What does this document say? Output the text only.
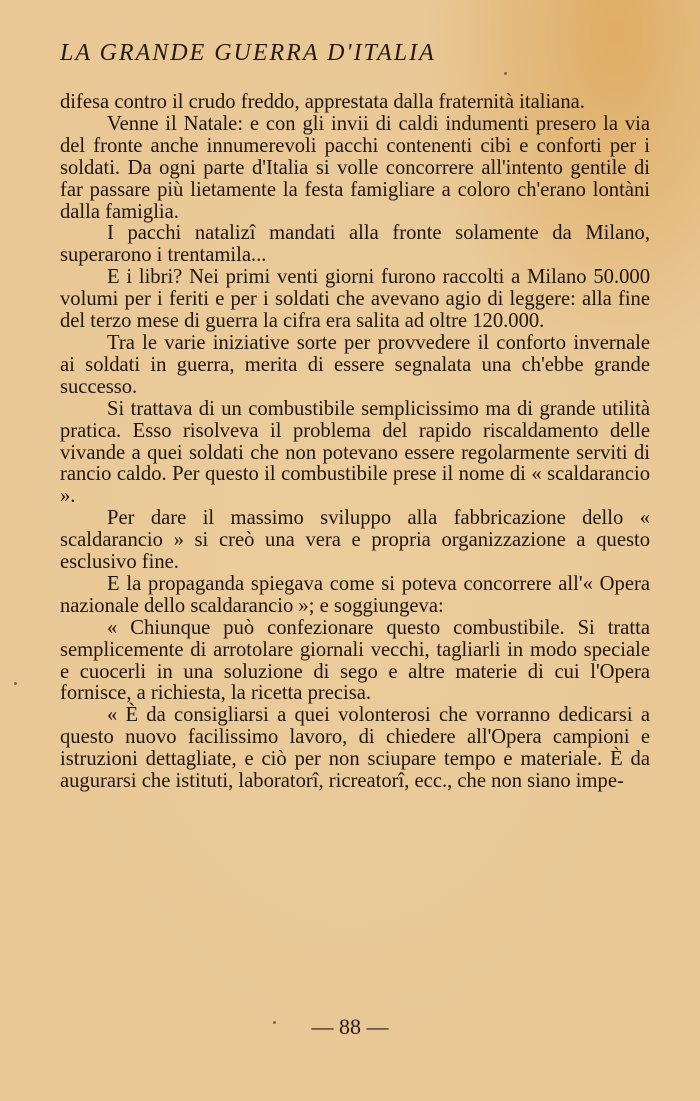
LA GRANDE GUERRA D'ITALIA

difesa contro il crudo freddo, apprestata dalla fraternità italiana.

Venne il Natale: e con gli invii di caldi indumenti presero la via del fronte anche innumerevoli pacchi contenenti cibi e conforti per i soldati. Da ogni parte d'Italia si volle concorrere all'intento gentile di far passare più lietamente la festa famigliare a coloro ch'erano lontàni dalla famiglia.

I pacchi natalizî mandati alla fronte solamente da Milano, superarono i trentamila...

E i libri? Nei primi venti giorni furono raccolti a Milano 50.000 volumi per i feriti e per i soldati che avevano agio di leggere: alla fine del terzo mese di guerra la cifra era salita ad oltre 120.000.

Tra le varie iniziative sorte per provvedere il conforto invernale ai soldati in guerra, merita di essere segnalata una ch'ebbe grande successo.

Si trattava di un combustibile semplicissimo ma di grande utilità pratica. Esso risolveva il problema del rapido riscaldamento delle vivande a quei soldati che non potevano essere regolarmente serviti di rancio caldo. Per questo il combustibile prese il nome di « scaldarancio ».

Per dare il massimo sviluppo alla fabbricazione dello « scaldarancio » si creò una vera e propria organizzazione a questo esclusivo fine.

E la propaganda spiegava come si poteva concorrere all'« Opera nazionale dello scaldarancio »; e soggiungeva:

« Chiunque può confezionare questo combustibile. Si tratta semplicemente di arrotolare giornali vecchi, tagliarli in modo speciale e cuocerli in una soluzione di sego e altre materie di cui l'Opera fornisce, a richiesta, la ricetta precisa.

« È da consigliarsi a quei volonterosi che vorranno dedicarsi a questo nuovo facilissimo lavoro, di chiedere all'Opera campioni e istruzioni dettagliate, e ciò per non sciupare tempo e materiale. È da augurarsi che istituti, laboratorî, ricreatorî, ecc., che non siano impe-

— 88 —
